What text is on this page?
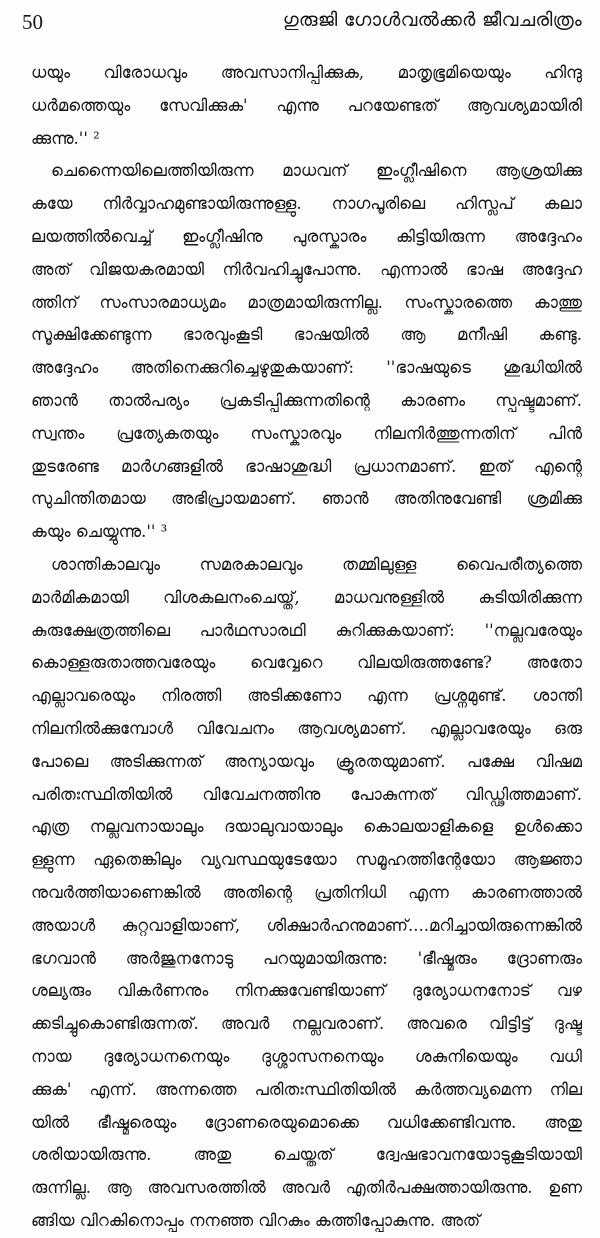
50	ഗുരുജി ഗോൾവൽക്കർ ജീവചരിത്രം
ധയും വിരോധവും അവസാനിപ്പിക്കുക, മാതൃഭൂമിയെയും ഹിന്ദു
ധർമത്തെയും സേവിക്കുക' എന്നു പറയേണ്ടത് ആവശ്യമായിരി
ക്കുന്നു.'' ²
ചെന്നൈയിലെത്തിയിരുന്ന മാധവന് ഇംഗ്ലീഷിനെ ആശ്രയിക്കു
കയേ നിർവ്വാഹമുണ്ടായിരുന്നുള്ളു. നാഗപൂരിലെ ഹിസ്ലപ് കലാ
ലയത്തിൽവെച്ച് ഇംഗ്ലീഷിനു പുരസ്കാരം കിട്ടിയിരുന്ന അദ്ദേഹം
അത് വിജയകരമായി നിർവഹിച്ചുപോന്നു. എന്നാൽ ഭാഷ അദ്ദേഹ
ത്തിന് സംസാരമാധ്യമം മാത്രമായിരുന്നില്ല. സംസ്കാരത്തെ കാത്തു
സൂക്ഷിക്കേണ്ടുന്ന ഭാരവുംകൂടി ഭാഷയിൽ ആ മനീഷി കണ്ടു.
അദ്ദേഹം അതിനെക്കുറിച്ചെഴുതുകയാണ്: ''ഭാഷയുടെ ശുദ്ധിയിൽ
ഞാൻ താൽപര്യം പ്രകടിപ്പിക്കുന്നതിന്റെ കാരണം സ്പഷ്ടമാണ്.
സ്വന്തം പ്രത്യേകതയും സംസ്കാരവും നിലനിർത്തുന്നതിന് പിൻ
തുടരേണ്ട മാർഗങ്ങളിൽ ഭാഷാശുദ്ധി പ്രധാനമാണ്. ഇത് എന്റെ
സുചിന്തിതമായ അഭിപ്രായമാണ്. ഞാൻ അതിനുവേണ്ടി ശ്രമിക്കു
കയും ചെയ്യുന്നു.'' ³
ശാന്തികാലവും സമരകാലവും തമ്മിലുള്ള വൈപരീത്യത്തെ
മാർമികമായി വിശകലനംചെയ്ത്, മാധവനുള്ളിൽ കുടിയിരിക്കുന്ന
കുരുക്ഷേത്രത്തിലെ പാർഥസാരഥി കുറിക്കുകയാണ്: ''നല്ലവരേയും
കൊള്ളരുതാത്തവരേയും വെവ്വേറെ വിലയിരുത്തണ്ടേ? അതോ
എല്ലാവരെയും നിരത്തി അടിക്കണോ എന്ന പ്രശ്നമുണ്ട്. ശാന്തി
നിലനിൽക്കുമ്പോൾ വിവേചനം ആവശ്യമാണ്. എല്ലാവരേയും ഒരു
പോലെ അടിക്കുന്നത് അന്യായവും ക്രൂരതയുമാണ്. പക്ഷേ വിഷമ
പരിതഃസ്ഥിതിയിൽ വിവേചനത്തിനു പോകുന്നത് വിഡ്ഢിത്തമാണ്.
എത്ര നല്ലവനായാലും ദയാലുവായാലും കൊലയാളികളെ ഉൾക്കൊ
ള്ളുന്ന ഏതെങ്കിലും വ്യവസ്ഥയുടേയോ സമൂഹത്തിന്റേയോ ആജ്ഞാ
നുവർത്തിയാണെങ്കിൽ അതിന്റെ പ്രതിനിധി എന്ന കാരണത്താൽ
അയാൾ കുറ്റവാളിയാണ്, ശിക്ഷാർഹനുമാണ്....മറിച്ചായിരുന്നെങ്കിൽ
ഭഗവാൻ അർജുനനോടു പറയുമായിരുന്നു: 'ഭീഷ്മരും ദ്രോണരും
ശല്യരും വികർണനും നിനക്കുവേണ്ടിയാണ് ദുര്യോധനനോട് വഴ
ക്കടിച്ചുകൊണ്ടിരുന്നത്. അവർ നല്ലവരാണ്. അവരെ വിട്ടിട്ട് ദുഷ്ട
നായ ദുര്യോധനനെയും ദുശ്ശാസനനെയും ശകുനിയെയും വധി
ക്കുക' എന്ന്. അന്നത്തെ പരിതഃസ്ഥിതിയിൽ കർത്തവ്യമെന്ന നില
യിൽ ഭീഷ്മരെയും ദ്രോണരെയുമൊക്കെ വധിക്കേണ്ടിവന്നു. അതു
ശരിയായിരുന്നു. അതു ചെയ്തത് ദ്വേഷഭാവനയോടുകൂടിയായി
രുന്നില്ല. ആ അവസരത്തിൽ അവർ എതിർപക്ഷത്തായിരുന്നു. ഉണ
ങ്ങിയ വിറകിനൊപ്പം നനഞ്ഞ വിറകും കത്തിപ്പോകുന്നു. അത്
